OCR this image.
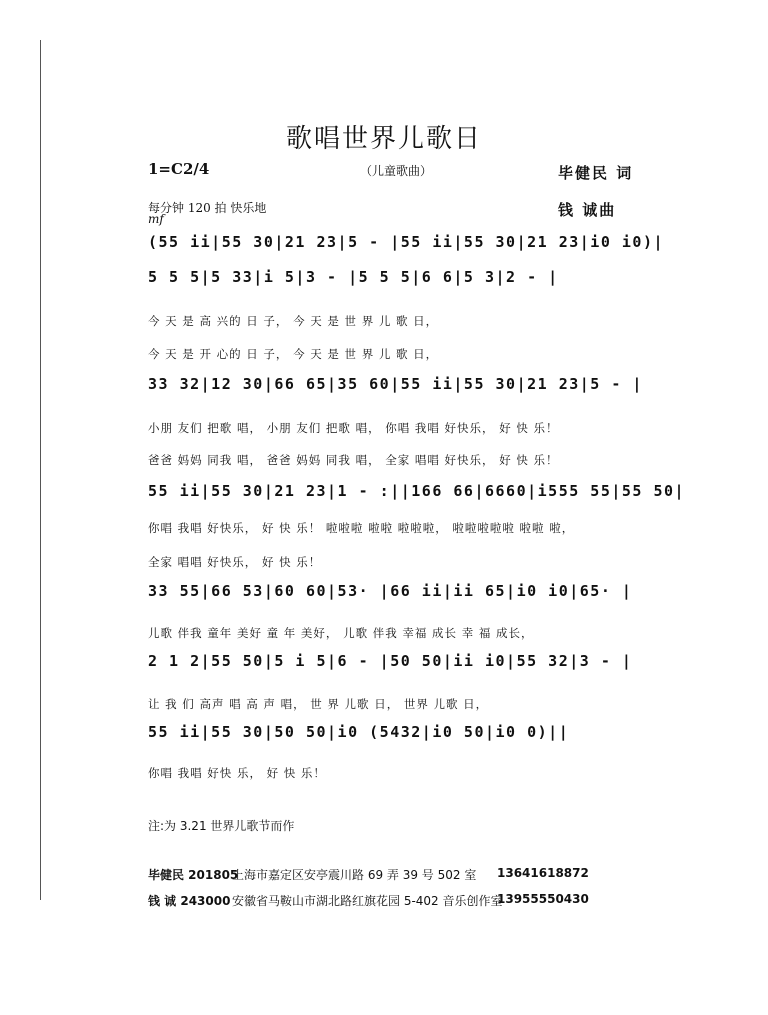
歌唱世界儿歌日
1=C2/4	（儿童歌曲）	毕健民 词
钱 诚曲
每分钟 120 拍 快乐地
mf
(55 ii|55 30|21 23|5 - |55 ii|55 30|21 23|i0 i0)|
5 5 5|5 33|i 5|3 - |5 5 5|6 6|5 3|2 - |
今 天 是 高 兴的 日 子， 今 天 是 世 界 儿 歌 日，
今 天 是 开 心的 日 子， 今 天 是 世 界 儿 歌 日，
33 32|12 30|66 65|35 60|55 ii|55 30|21 23|5 - |
小朋 友们 把歌 唱， 小朋 友们 把歌 唱， 你唱 我唱 好快乐， 好 快 乐！
爸爸 妈妈 同我 唱， 爸爸 妈妈 同我 唱， 全家 唱唱 好快乐， 好 快 乐！
55 ii|55 30|21 23|1 - :||166 66|6660|i555 55|55 50|
你唱 我唱 好快乐， 好 快 乐！ 啦啦啦 啦啦 啦啦啦， 啦啦啦啦啦 啦啦 啦，
全家 唱唱 好快乐， 好 快 乐！
33 55|66 53|60 60|53· |66 ii|ii 65|i0 i0|65· |
儿歌 伴我 童年 美好 童 年 美好， 儿歌 伴我 幸福 成长 幸 福 成长，
2 1 2|55 50|5 i 5|6 - |50 50|ii i0|55 32|3 - |
让 我 们 高声 唱 高 声 唱， 世 界 儿歌 日， 世界 儿歌 日，
55 ii|55 30|50 50|i0 (5432|i0 50|i0 0)||
你唱 我唱 好快 乐， 好 快 乐！
注:为 3.21 世界儿歌节而作
毕健民 201805
上海市嘉定区安亭震川路 69 弄 39 号 502 室 13641618872
钱 诚 243000 安徽省马鞍山市湖北路红旗花园 5-402 音乐创作室
13955550430
